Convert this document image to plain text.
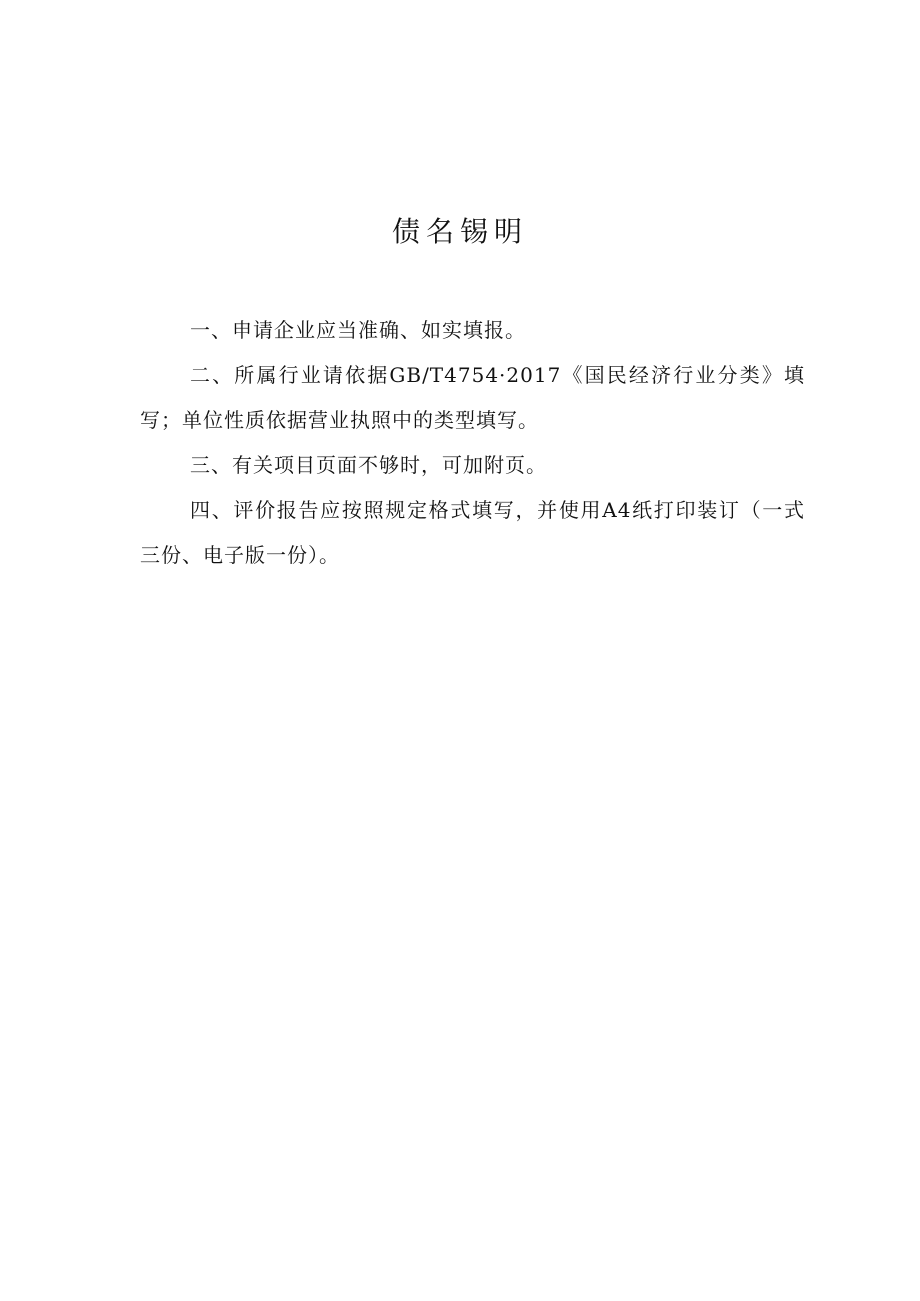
债名锡明

一、申请企业应当准确、如实填报。

二、所属行业请依据GB/T4754·2017《国民经济行业分类》填写；单位性质依据营业执照中的类型填写。

三、有关项目页面不够时，可加附页。

四、评价报告应按照规定格式填写，并使用A4纸打印装订（一式三份、电子版一份）。
